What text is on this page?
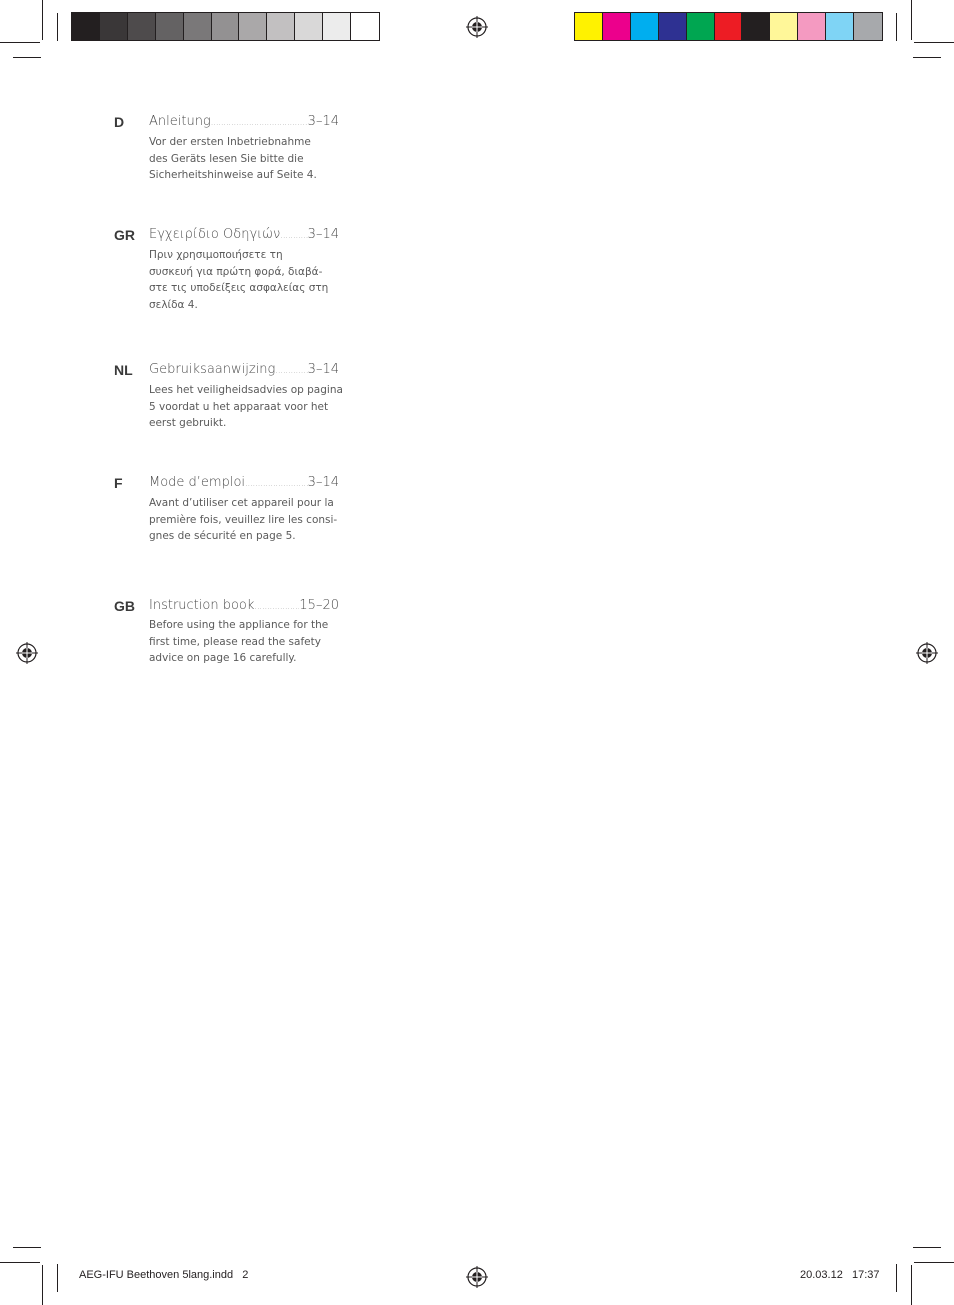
D Anleitung .....	3–14
Vor der ersten Inbetriebnahme
des Geräts lesen Sie bitte die
Sicherheitshinweise auf Seite 4.
GR Εγχειρίδιο Οδηγιών ..... 3–14
Πριν χρησιμοποιήσετε τη
συσκευή για πρώτη φορά, διαβά-
στε τις υποδείξεις ασφαλείας στη
σελίδα 4.
NL Gebruiksaanwijzing ..... 3–14
Lees het veiligheidsadvies op pagina
5 voordat u het apparaat voor het
eerst gebruikt.
F Mode d’emploi .....	3–14
Avant d’utiliser cet appareil pour la
première fois, veuillez lire les consi-
gnes de sécurité en page 5.
GB Instruction book .....	15–20
Before using the appliance for the
first time, please read the safety
advice on page 16 carefully.
AEG-IFU Beethoven 5lang.indd   2	20.03.12   17:37
